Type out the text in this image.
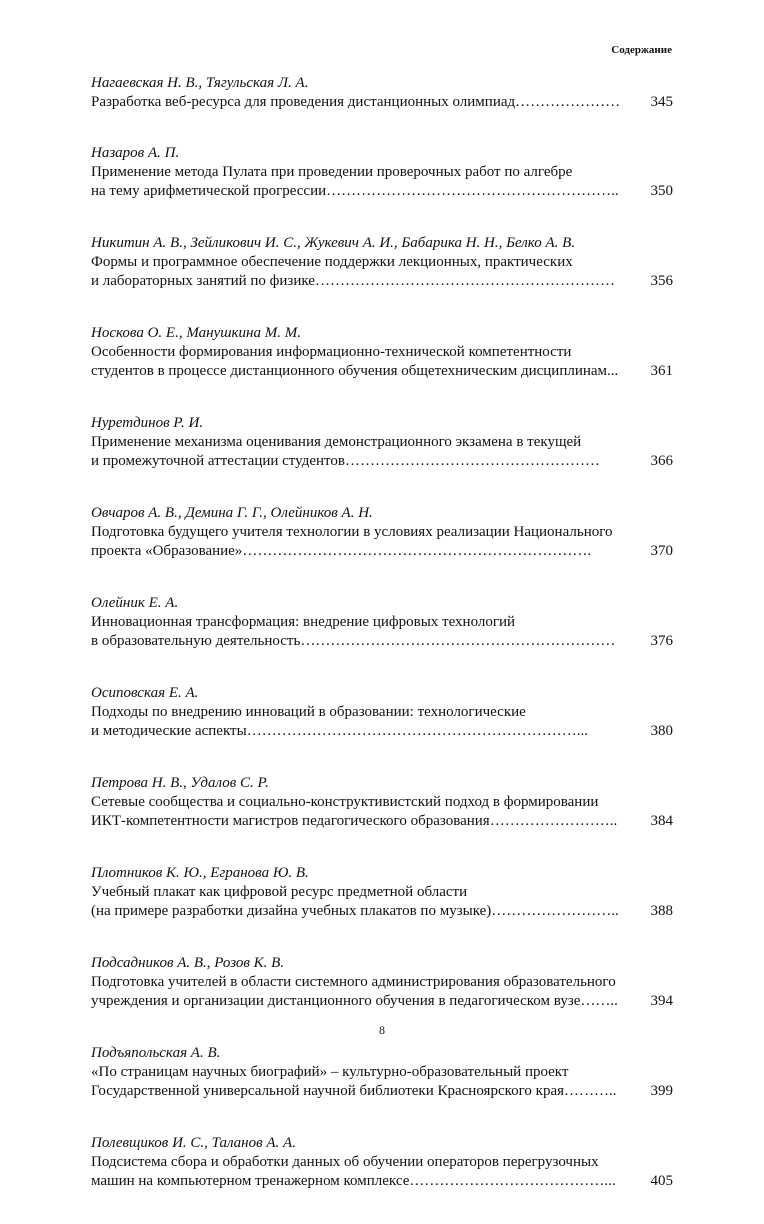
Содержание
Нагаевская Н. В., Тягульская Л. А.
Разработка веб-ресурса для проведения дистанционных олимпиад …………………	345
Назаров А. П.
Применение метода Пулата при проведении проверочных работ по алгебре
на тему арифметической прогрессии …………………………………………………..	350
Никитин А. В., Зейликович И. С., Жукевич А. И., Бабарика Н. Н., Белко А. В.
Формы и программное обеспечение поддержки лекционных, практических
и лабораторных занятий по физике ……………………………………………………	356
Носкова О. Е., Манушкина М. М.
Особенности формирования информационно-технической компетентности
студентов в процессе дистанционного обучения общетехническим дисциплинам ...	361
Нуретдинов Р. И.
Применение механизма оценивания демонстрационного экзамена в текущей
и промежуточной аттестации студентов ……………………………………………	366
Овчаров А. В., Демина Г. Г., Олейников А. Н.
Подготовка будущего учителя технологии в условиях реализации Национального
проекта «Образование» …………………………………………………………….	370
Олейник Е. А.
Инновационная трансформация: внедрение цифровых технологий
в образовательную деятельность ………………………………………………………	376
Осиповская Е. А.
Подходы по внедрению инноваций в образовании: технологические
и методические аспекты …………………………………………………………...	380
Петрова Н. В., Удалов С. Р.
Сетевые сообщества и социально-конструктивистский подход в формировании
ИКТ-компетентности магистров педагогического образования ……………………..	384
Плотников К. Ю., Егранова Ю. В.
Учебный плакат как цифровой ресурс предметной области
(на примере разработки дизайна учебных плакатов по музыке) ……………………..	388
Подсадников А. В., Розов К. В.
Подготовка учителей в области системного администрирования образовательного
учреждения и организации дистанционного обучения в педагогическом вузе ……..	394
Подъяпольская А. В.
«По страницам научных биографий» – культурно-образовательный проект
Государственной универсальной научной библиотеки Красноярского края ………..	399
Полевщиков И. С., Таланов А. А.
Подсистема сбора и обработки данных об обучении операторов перегрузочных
машин на компьютерном тренажерном комплексе …………………………………...	405
8
